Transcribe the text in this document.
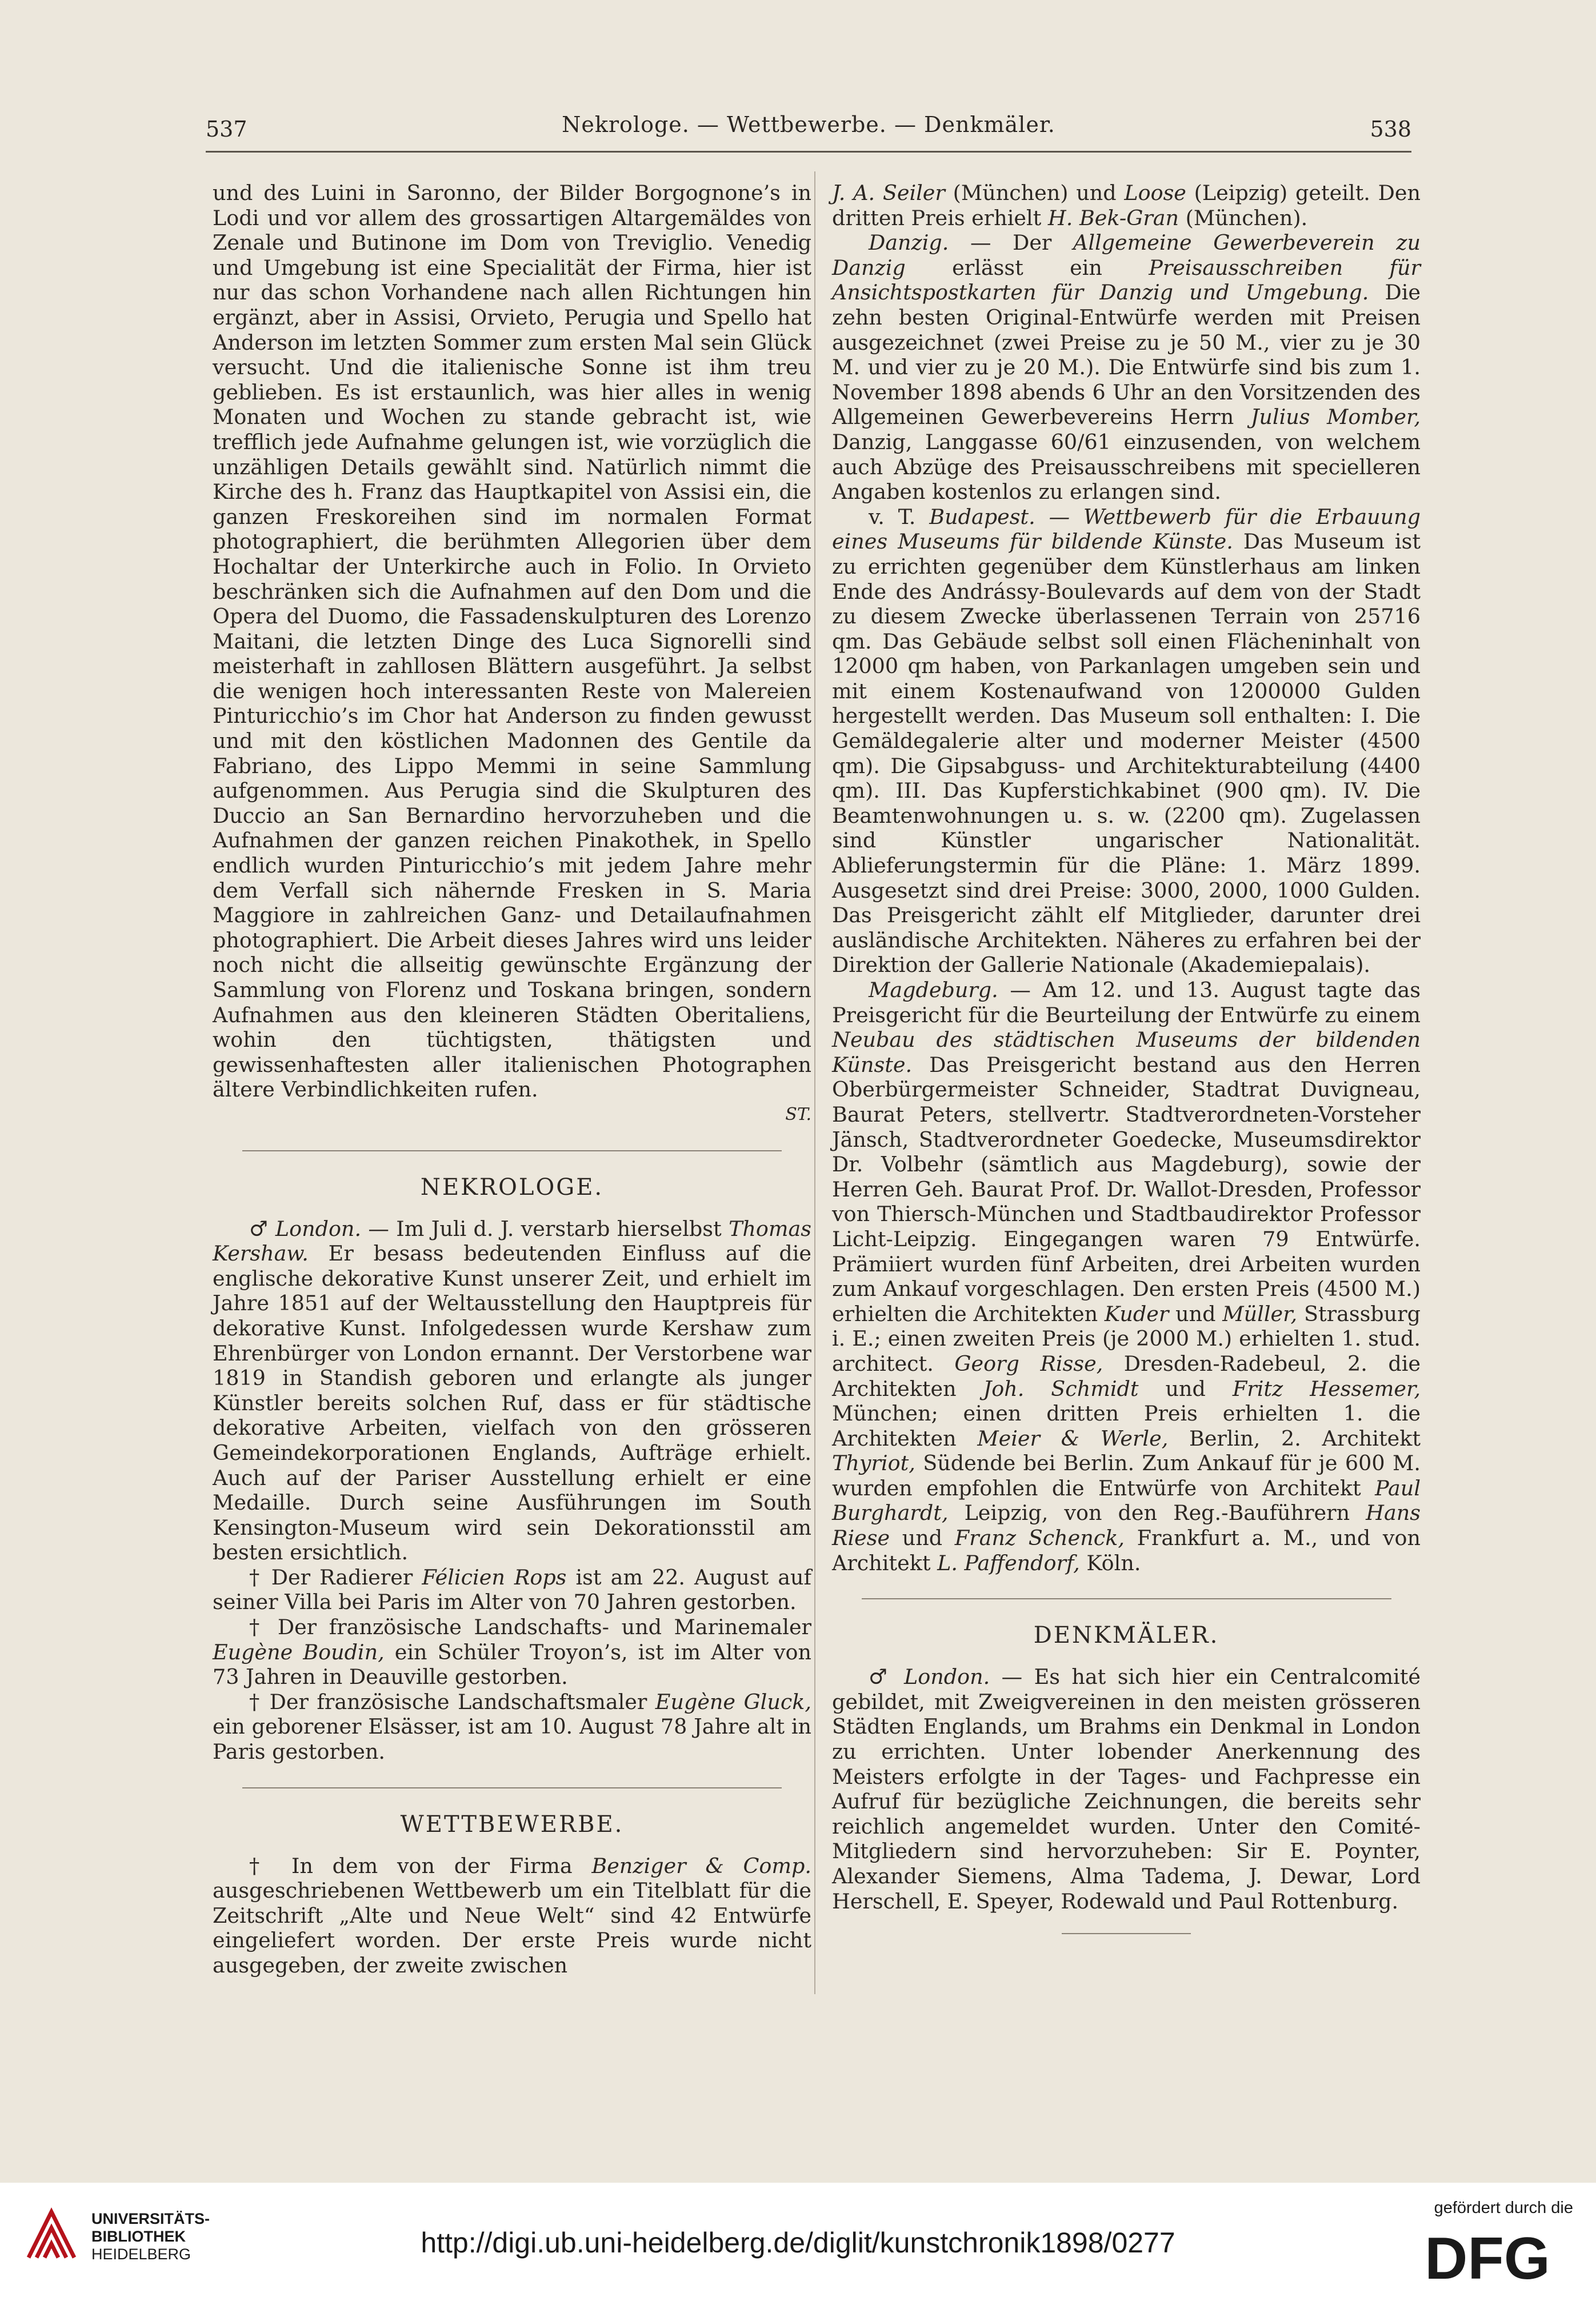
537	Nekrologe. — Wettbewerbe. — Denkmäler.	538

und des Luini in Saronno, der Bilder Borgognone’s in Lodi und vor allem des grossartigen Altargemäldes von Zenale und Butinone im Dom von Treviglio. Venedig und Umgebung ist eine Specialität der Firma, hier ist nur das schon Vorhandene nach allen Richtungen hin ergänzt, aber in Assisi, Orvieto, Perugia und Spello hat Anderson im letzten Sommer zum ersten Mal sein Glück versucht. Und die italienische Sonne ist ihm treu geblieben. Es ist erstaunlich, was hier alles in wenig Monaten und Wochen zu stande gebracht ist, wie trefflich jede Aufnahme gelungen ist, wie vorzüglich die unzähligen Details gewählt sind. Natürlich nimmt die Kirche des h. Franz das Hauptkapitel von Assisi ein, die ganzen Freskoreihen sind im normalen Format photographiert, die berühmten Allegorien über dem Hochaltar der Unterkirche auch in Folio. In Orvieto beschränken sich die Aufnahmen auf den Dom und die Opera del Duomo, die Fassadenskulpturen des Lorenzo Maitani, die letzten Dinge des Luca Signorelli sind meisterhaft in zahllosen Blättern ausgeführt. Ja selbst die wenigen hoch interessanten Reste von Malereien Pinturicchio’s im Chor hat Anderson zu finden gewusst und mit den köstlichen Madonnen des Gentile da Fabriano, des Lippo Memmi in seine Sammlung aufgenommen. Aus Perugia sind die Skulpturen des Duccio an San Bernardino hervorzuheben und die Aufnahmen der ganzen reichen Pinakothek, in Spello endlich wurden Pinturicchio’s mit jedem Jahre mehr dem Verfall sich nähernde Fresken in S. Maria Maggiore in zahlreichen Ganz- und Detailaufnahmen photographiert. Die Arbeit dieses Jahres wird uns leider noch nicht die allseitig gewünschte Ergänzung der Sammlung von Florenz und Toskana bringen, sondern Aufnahmen aus den kleineren Städten Oberitaliens, wohin den tüchtigsten, thätigsten und gewissenhaftesten aller italienischen Photographen ältere Verbindlichkeiten rufen.

ST.

NEKROLOGE.

♂ London. — Im Juli d. J. verstarb hierselbst Thomas Kershaw. Er besass bedeutenden Einfluss auf die englische dekorative Kunst unserer Zeit, und erhielt im Jahre 1851 auf der Weltausstellung den Hauptpreis für dekorative Kunst. Infolgedessen wurde Kershaw zum Ehrenbürger von London ernannt. Der Verstorbene war 1819 in Standish geboren und erlangte als junger Künstler bereits solchen Ruf, dass er für städtische dekorative Arbeiten, vielfach von den grösseren Gemeindekorporationen Englands, Aufträge erhielt. Auch auf der Pariser Ausstellung erhielt er eine Medaille. Durch seine Ausführungen im South Kensington-Museum wird sein Dekorationsstil am besten ersichtlich.

† Der Radierer Félicien Rops ist am 22. August auf seiner Villa bei Paris im Alter von 70 Jahren gestorben.

† Der französische Landschafts- und Marinemaler Eugène Boudin, ein Schüler Troyon’s, ist im Alter von 73 Jahren in Deauville gestorben.

† Der französische Landschaftsmaler Eugène Gluck, ein geborener Elsässer, ist am 10. August 78 Jahre alt in Paris gestorben.

WETTBEWERBE.

† In dem von der Firma Benziger & Comp. ausgeschriebenen Wettbewerb um ein Titelblatt für die Zeitschrift „Alte und Neue Welt“ sind 42 Entwürfe eingeliefert worden. Der erste Preis wurde nicht ausgegeben, der zweite zwischen

J. A. Seiler (München) und Loose (Leipzig) geteilt. Den dritten Preis erhielt H. Bek-Gran (München).

Danzig. — Der Allgemeine Gewerbeverein zu Danzig erlässt ein Preisausschreiben für Ansichtspostkarten für Danzig und Umgebung. Die zehn besten Original-Entwürfe werden mit Preisen ausgezeichnet (zwei Preise zu je 50 M., vier zu je 30 M. und vier zu je 20 M.). Die Entwürfe sind bis zum 1. November 1898 abends 6 Uhr an den Vorsitzenden des Allgemeinen Gewerbevereins Herrn Julius Momber, Danzig, Langgasse 60/61 einzusenden, von welchem auch Abzüge des Preisausschreibens mit specielleren Angaben kostenlos zu erlangen sind.

v. T. Budapest. — Wettbewerb für die Erbauung eines Museums für bildende Künste. Das Museum ist zu errichten gegenüber dem Künstlerhaus am linken Ende des Andrássy-Boulevards auf dem von der Stadt zu diesem Zwecke überlassenen Terrain von 25716 qm. Das Gebäude selbst soll einen Flächeninhalt von 12000 qm haben, von Parkanlagen umgeben sein und mit einem Kostenaufwand von 1200000 Gulden hergestellt werden. Das Museum soll enthalten: I. Die Gemäldegalerie alter und moderner Meister (4500 qm). Die Gipsabguss- und Architekturabteilung (4400 qm). III. Das Kupferstichkabinet (900 qm). IV. Die Beamtenwohnungen u. s. w. (2200 qm). Zugelassen sind Künstler ungarischer Nationalität. Ablieferungstermin für die Pläne: 1. März 1899. Ausgesetzt sind drei Preise: 3000, 2000, 1000 Gulden. Das Preisgericht zählt elf Mitglieder, darunter drei ausländische Architekten. Näheres zu erfahren bei der Direktion der Gallerie Nationale (Akademiepalais).

Magdeburg. — Am 12. und 13. August tagte das Preisgericht für die Beurteilung der Entwürfe zu einem Neubau des städtischen Museums der bildenden Künste. Das Preisgericht bestand aus den Herren Oberbürgermeister Schneider, Stadtrat Duvigneau, Baurat Peters, stellvertr. Stadtverordneten-Vorsteher Jänsch, Stadtverordneter Goedecke, Museumsdirektor Dr. Volbehr (sämtlich aus Magdeburg), sowie der Herren Geh. Baurat Prof. Dr. Wallot-Dresden, Professor von Thiersch-München und Stadtbaudirektor Professor Licht-Leipzig. Eingegangen waren 79 Entwürfe. Prämiiert wurden fünf Arbeiten, drei Arbeiten wurden zum Ankauf vorgeschlagen. Den ersten Preis (4500 M.) erhielten die Architekten Kuder und Müller, Strassburg i. E.; einen zweiten Preis (je 2000 M.) erhielten 1. stud. architect. Georg Risse, Dresden-Radebeul, 2. die Architekten Joh. Schmidt und Fritz Hessemer, München; einen dritten Preis erhielten 1. die Architekten Meier & Werle, Berlin, 2. Architekt Thyriot, Südende bei Berlin. Zum Ankauf für je 600 M. wurden empfohlen die Entwürfe von Architekt Paul Burghardt, Leipzig, von den Reg.-Bauführern Hans Riese und Franz Schenck, Frankfurt a. M., und von Architekt L. Paffendorf, Köln.

DENKMÄLER.

♂ London. — Es hat sich hier ein Centralcomité gebildet, mit Zweigvereinen in den meisten grösseren Städten Englands, um Brahms ein Denkmal in London zu errichten. Unter lobender Anerkennung des Meisters erfolgte in der Tages- und Fachpresse ein Aufruf für bezügliche Zeichnungen, die bereits sehr reichlich angemeldet wurden. Unter den Comité-Mitgliedern sind hervorzuheben: Sir E. Poynter, Alexander Siemens, Alma Tadema, J. Dewar, Lord Herschell, E. Speyer, Rodewald und Paul Rottenburg.

UNIVERSITÄTS-
BIBLIOTHEK
HEIDELBERG	http://digi.ub.uni-heidelberg.de/diglit/kunstchronik1898/0277
gefördert durch die
DFG
